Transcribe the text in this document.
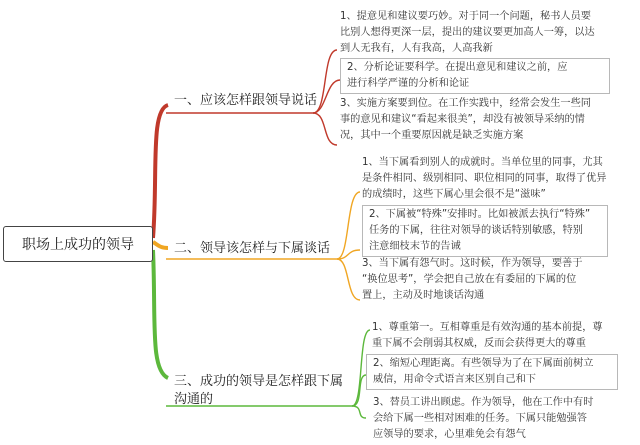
职场上成功的领导
一、应该怎样跟领导说话
1、提意见和建议要巧妙。对于同一个问题，秘书人员要
比别人想得更深一层，提出的建议要更加高人一筹，以达
到人无我有，人有我高，人高我新
2、分析论证要科学。在提出意见和建议之前，应
进行科学严谨的分析和论证
3、实施方案要到位。在工作实践中，经常会发生一些同
事的意见和建议“看起来很美”，却没有被领导采纳的情
况，其中一个重要原因就是缺乏实施方案
二、领导该怎样与下属谈话
1、当下属看到别人的成就时。当单位里的同事，尤其
是条件相同、级别相同、职位相同的同事，取得了优异
的成绩时，这些下属心里会很不是“滋味”
2、下属被“特殊”安排时。比如被派去执行“特殊”
任务的下属，往往对领导的谈话特别敏感，特别
注意细枝末节的告诫
3、当下属有怨气时。这时候，作为领导，要善于
“换位思考”，学会把自己放在有委屈的下属的位
置上，主动及时地谈话沟通
三、成功的领导是怎样跟下属
沟通的
1、尊重第一。互相尊重是有效沟通的基本前提，尊
重下属不会削弱其权威，反而会获得更大的尊重
2、缩短心理距离。有些领导为了在下属面前树立
威信，用命令式语言来区别自己和下
3、替员工讲出顾虑。作为领导，他在工作中有时
会给下属一些相对困难的任务。下属只能勉强答
应领导的要求，心里难免会有怨气
